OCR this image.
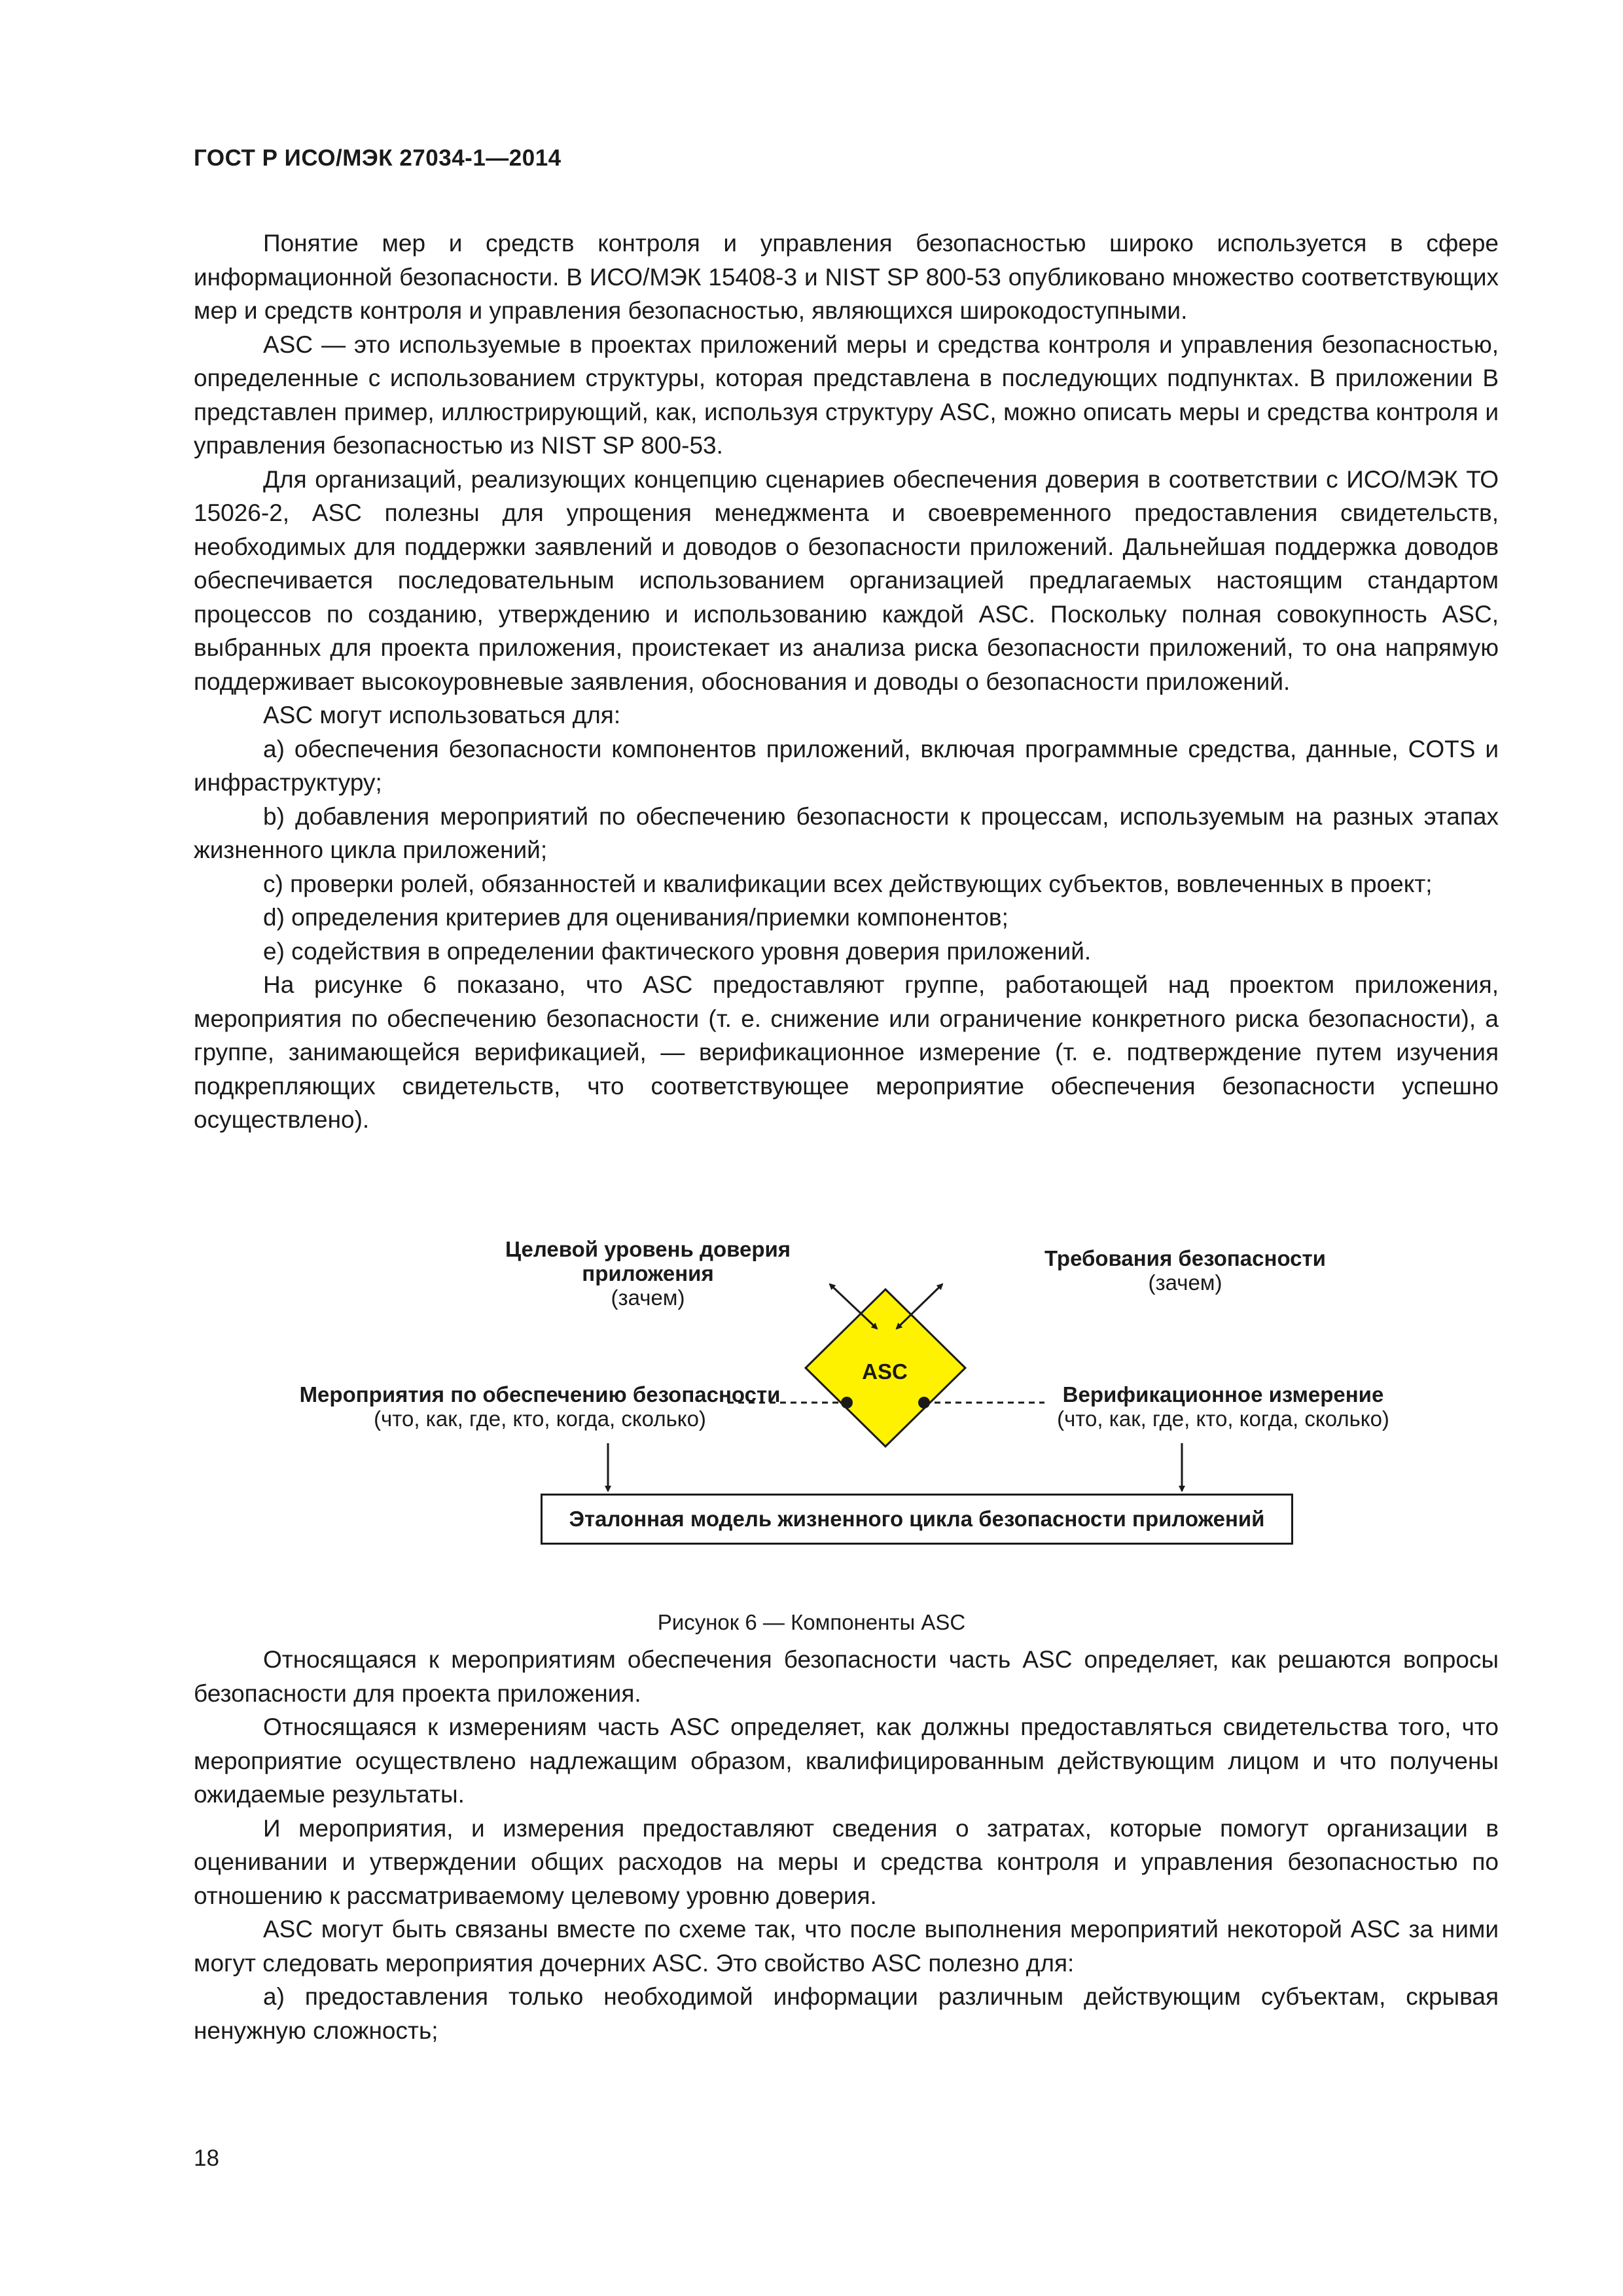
ГОСТ Р ИСО/МЭК 27034-1—2014

Понятие мер и средств контроля и управления безопасностью широко используется в сфере информационной безопасности. В ИСО/МЭК 15408-3 и NIST SP 800-53 опубликовано множество соответствующих мер и средств контроля и управления безопасностью, являющихся широкодоступными.

ASC — это используемые в проектах приложений меры и средства контроля и управления безопасностью, определенные с использованием структуры, которая представлена в последующих подпунктах. В приложении В представлен пример, иллюстрирующий, как, используя структуру ASC, можно описать меры и средства контроля и управления безопасностью из NIST SP 800-53.

Для организаций, реализующих концепцию сценариев обеспечения доверия в соответствии с ИСО/МЭК ТО 15026-2, ASC полезны для упрощения менеджмента и своевременного предоставления свидетельств, необходимых для поддержки заявлений и доводов о безопасности приложений. Дальнейшая поддержка доводов обеспечивается последовательным использованием организацией предлагаемых настоящим стандартом процессов по созданию, утверждению и использованию каждой ASC. Поскольку полная совокупность ASC, выбранных для проекта приложения, проистекает из анализа риска безопасности приложений, то она напрямую поддерживает высокоуровневые заявления, обоснования и доводы о безопасности приложений.

ASC могут использоваться для:

a) обеспечения безопасности компонентов приложений, включая программные средства, данные, COTS и инфраструктуру;

b) добавления мероприятий по обеспечению безопасности к процессам, используемым на разных этапах жизненного цикла приложений;

c) проверки ролей, обязанностей и квалификации всех действующих субъектов, вовлеченных в проект;

d) определения критериев для оценивания/приемки компонентов;

e) содействия в определении фактического уровня доверия приложений.

На рисунке 6 показано, что ASC предоставляют группе, работающей над проектом приложения, мероприятия по обеспечению безопасности (т. е. снижение или ограничение конкретного риска безопасности), а группе, занимающейся верификацией, — верификационное измерение (т. е. подтверждение путем изучения подкрепляющих свидетельств, что соответствующее мероприятие обеспечения безопасности успешно осуществлено).

Целевой уровень доверия
приложения
(зачем)
Требования безопасности
(зачем)
ASC
Мероприятия по обеспечению безопасности
(что, как, где, кто, когда, сколько)
Верификационное измерение
(что, как, где, кто, когда, сколько)
Эталонная модель жизненного цикла безопасности приложений
Рисунок 6 — Компоненты ASC

Относящаяся к мероприятиям обеспечения безопасности часть ASC определяет, как решаются вопросы безопасности для проекта приложения.

Относящаяся к измерениям часть ASC определяет, как должны предоставляться свидетельства того, что мероприятие осуществлено надлежащим образом, квалифицированным действующим лицом и что получены ожидаемые результаты.

И мероприятия, и измерения предоставляют сведения о затратах, которые помогут организации в оценивании и утверждении общих расходов на меры и средства контроля и управления безопасностью по отношению к рассматриваемому целевому уровню доверия.

ASC могут быть связаны вместе по схеме так, что после выполнения мероприятий некоторой ASC за ними могут следовать мероприятия дочерних ASC. Это свойство ASC полезно для:

a) предоставления только необходимой информации различным действующим субъектам, скрывая ненужную сложность;

18
